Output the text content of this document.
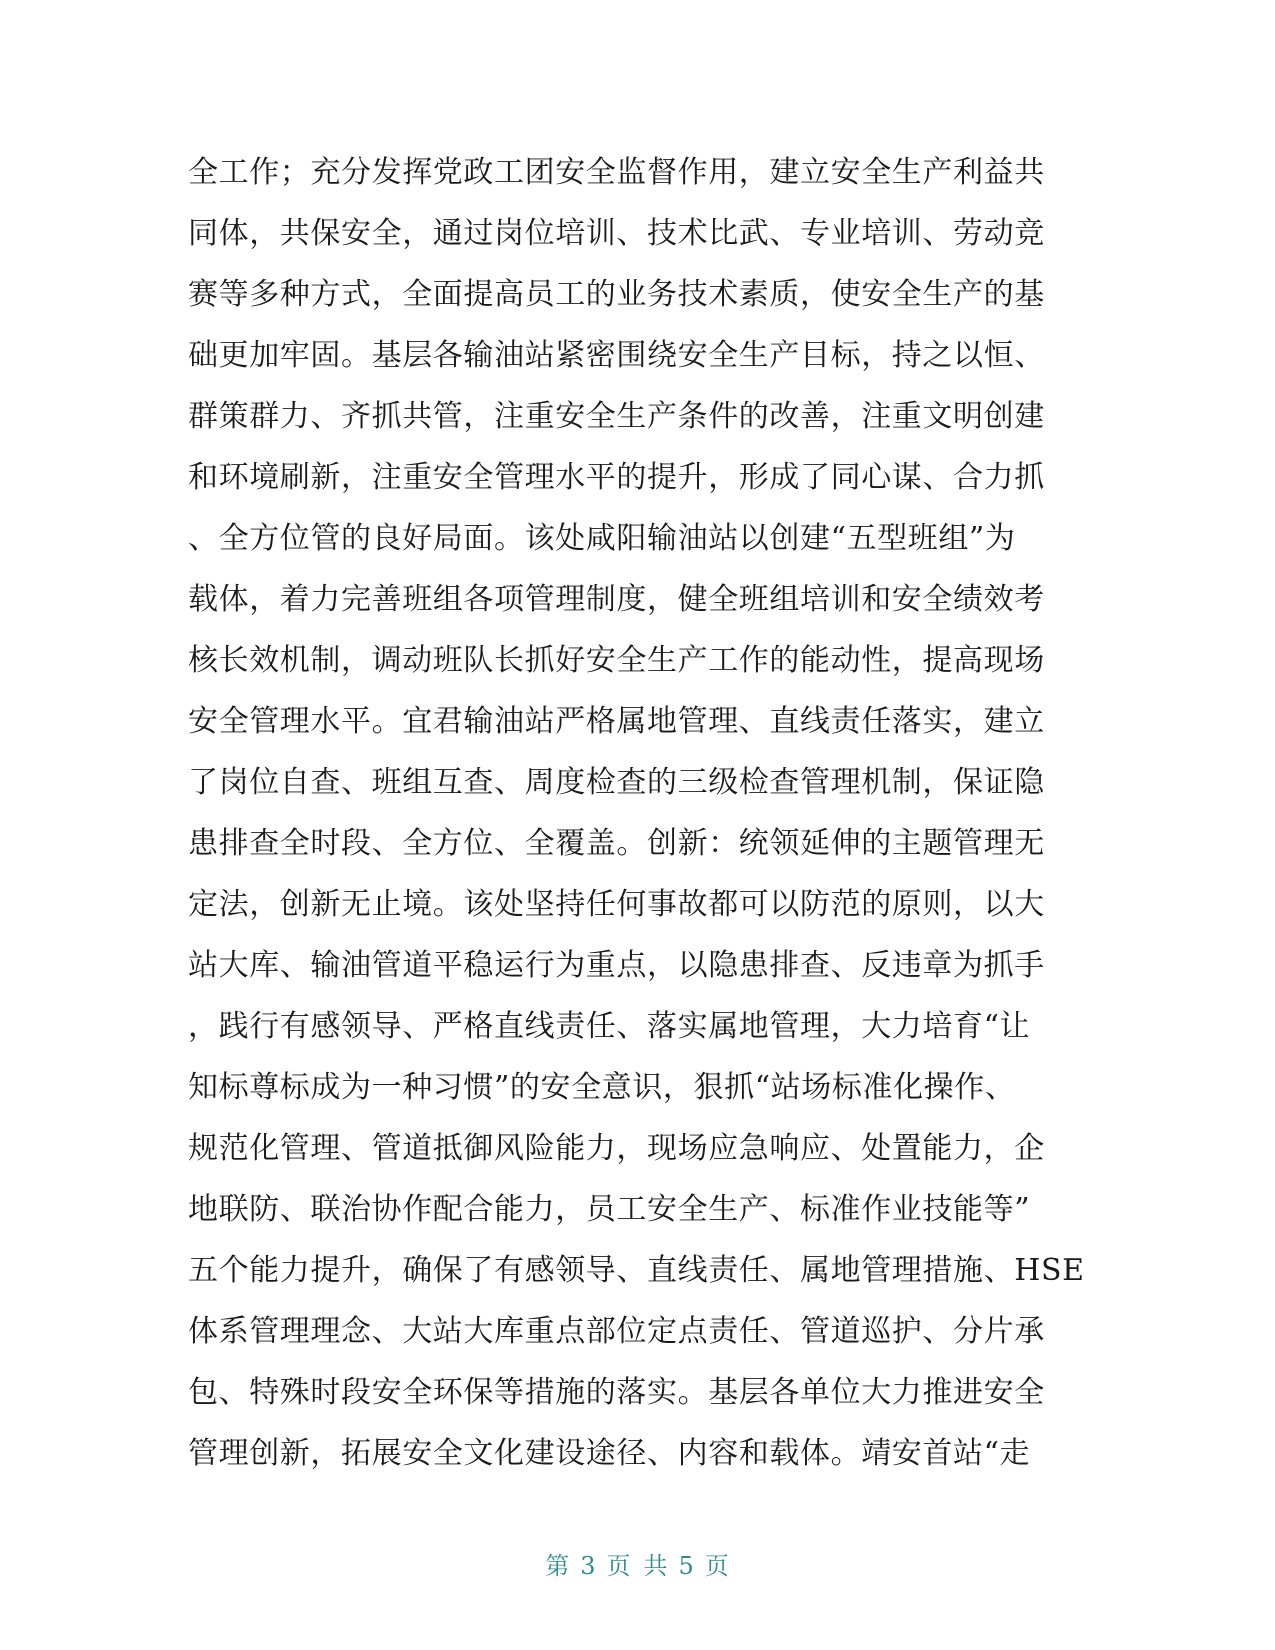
全工作；充分发挥党政工团安全监督作用，建立安全生产利益共
同体，共保安全，通过岗位培训、技术比武、专业培训、劳动竞
赛等多种方式，全面提高员工的业务技术素质，使安全生产的基
础更加牢固。基层各输油站紧密围绕安全生产目标，持之以恒、
群策群力、齐抓共管，注重安全生产条件的改善，注重文明创建
和环境刷新，注重安全管理水平的提升，形成了同心谋、合力抓
、全方位管的良好局面。该处咸阳输油站以创建“五型班组”为
载体，着力完善班组各项管理制度，健全班组培训和安全绩效考
核长效机制，调动班队长抓好安全生产工作的能动性，提高现场
安全管理水平。宜君输油站严格属地管理、直线责任落实，建立
了岗位自查、班组互查、周度检查的三级检查管理机制，保证隐
患排查全时段、全方位、全覆盖。创新：统领延伸的主题管理无
定法，创新无止境。该处坚持任何事故都可以防范的原则，以大
站大库、输油管道平稳运行为重点，以隐患排查、反违章为抓手
，践行有感领导、严格直线责任、落实属地管理，大力培育“让
知标尊标成为一种习惯”的安全意识，狠抓“站场标准化操作、
规范化管理、管道抵御风险能力，现场应急响应、处置能力，企
地联防、联治协作配合能力，员工安全生产、标准作业技能等”
五个能力提升，确保了有感领导、直线责任、属地管理措施、HSE
体系管理理念、大站大库重点部位定点责任、管道巡护、分片承
包、特殊时段安全环保等措施的落实。基层各单位大力推进安全
管理创新，拓展安全文化建设途径、内容和载体。靖安首站“走
第 3 页 共 5 页
